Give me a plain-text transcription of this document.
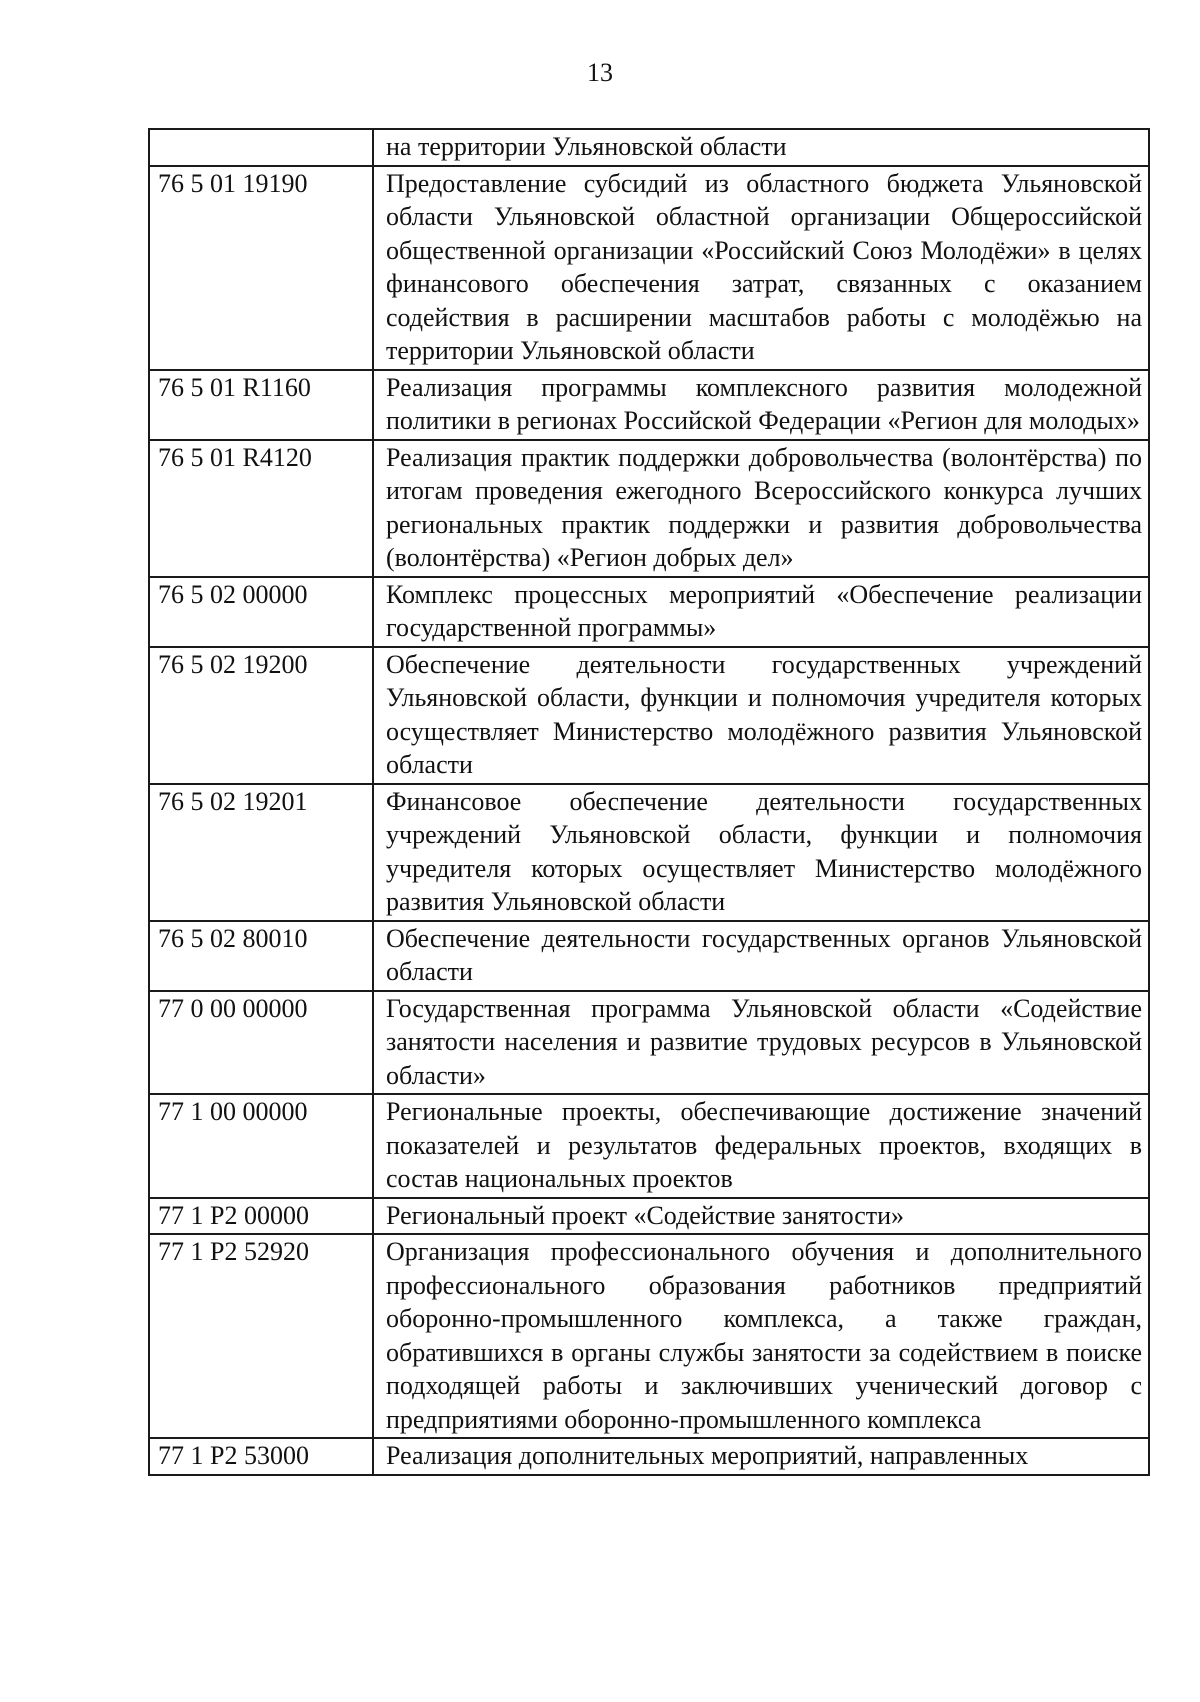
13
	на территории Ульяновской области
76 5 01 19190	Предоставление субсидий из областного бюджета Ульяновской области Ульяновской областной организации Общероссийской общественной организации «Российский Союз Молодёжи» в целях финансового обеспечения затрат, связанных с оказанием содействия в расширении масштабов работы с молодёжью на территории Ульяновской области
76 5 01 R1160	Реализация программы комплексного развития молодежной политики в регионах Российской Федерации «Регион для молодых»
76 5 01 R4120	Реализация практик поддержки добровольчества (волонтёрства) по итогам проведения ежегодного Всероссийского конкурса лучших региональных практик поддержки и развития добровольчества (волонтёрства) «Регион добрых дел»
76 5 02 00000	Комплекс процессных мероприятий «Обеспечение реализации государственной программы»
76 5 02 19200	Обеспечение деятельности государственных учреждений Ульяновской области, функции и полномочия учредителя которых осуществляет Министерство молодёжного развития Ульяновской области
76 5 02 19201	Финансовое обеспечение деятельности государственных учреждений Ульяновской области, функции и полномочия учредителя которых осуществляет Министерство молодёжного развития Ульяновской области
76 5 02 80010	Обеспечение деятельности государственных органов Ульяновской области
77 0 00 00000	Государственная программа Ульяновской области «Содействие занятости населения и развитие трудовых ресурсов в Ульяновской области»
77 1 00 00000	Региональные проекты, обеспечивающие достижение значений показателей и результатов федеральных проектов, входящих в состав национальных проектов
77 1 Р2 00000	Региональный проект «Содействие занятости»
77 1 Р2 52920	Организация профессионального обучения и дополнительного профессионального образования работников предприятий оборонно-промышленного комплекса, а также граждан, обратившихся в органы службы занятости за содействием в поиске подходящей работы и заключивших ученический договор с предприятиями оборонно-промышленного комплекса
77 1 Р2 53000	Реализация дополнительных мероприятий, направленных
